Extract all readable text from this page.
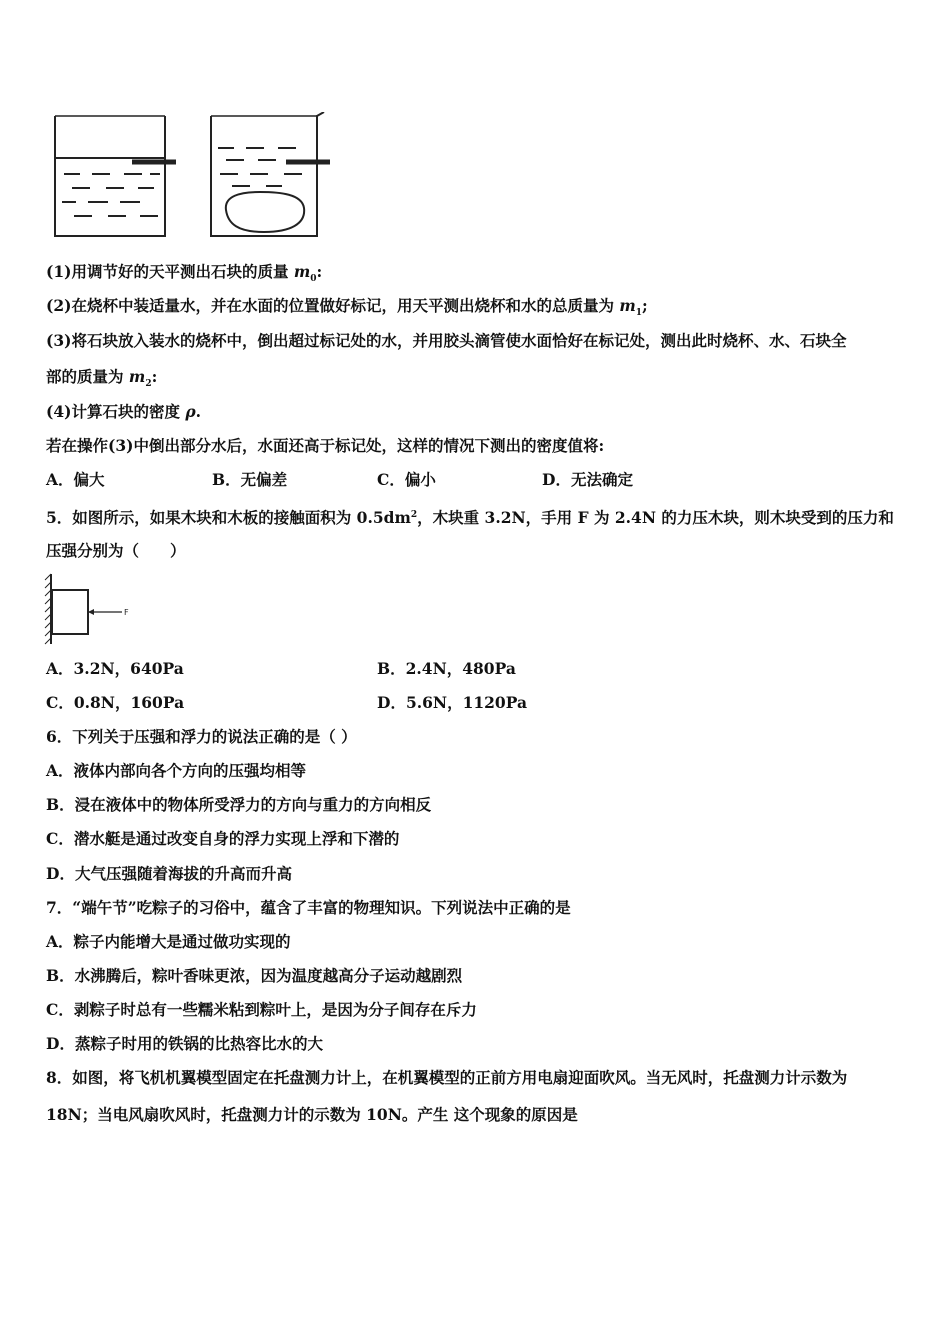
(1)用调节好的天平测出石块的质量 $m_0$:
(2)在烧杯中装适量水，并在水面的位置做好标记，用天平测出烧杯和水的总质量为 $m_1$;
(3)将石块放入装水的烧杯中，倒出超过标记处的水，并用胶头滴管使水面恰好在标记处，测出此时烧杯、水、石块全
部的质量为 $m_2$:
(4)计算石块的密度 ρ.
若在操作(3)中倒出部分水后，水面还高于标记处，这样的情况下测出的密度值将:
A．偏大	B．无偏差	C．偏小	D．无法确定
5．如图所示，如果木块和木板的接触面积为 $0.5dm^2$，木块重 3.2N，手用 F 为 2.4N 的力压木块，则木块受到的压力和
压强分别为（　　）
F
A．3.2N，640Pa	B．2.4N，480Pa
C．0.8N，160Pa	D．5.6N，1120Pa
6．下列关于压强和浮力的说法正确的是（ ）
A．液体内部向各个方向的压强均相等
B．浸在液体中的物体所受浮力的方向与重力的方向相反
C．潜水艇是通过改变自身的浮力实现上浮和下潜的
D．大气压强随着海拔的升高而升高
7．“端午节”吃粽子的习俗中，蕴含了丰富的物理知识。下列说法中正确的是
A．粽子内能增大是通过做功实现的
B．水沸腾后，粽叶香味更浓，因为温度越高分子运动越剧烈
C．剥粽子时总有一些糯米粘到粽叶上，是因为分子间存在斥力
D．蒸粽子时用的铁锅的比热容比水的大
8．如图，将飞机机翼模型固定在托盘测力计上，在机翼模型的正前方用电扇迎面吹风。当无风时，托盘测力计示数为
18N；当电风扇吹风时，托盘测力计的示数为 10N。产生 这个现象的原因是
